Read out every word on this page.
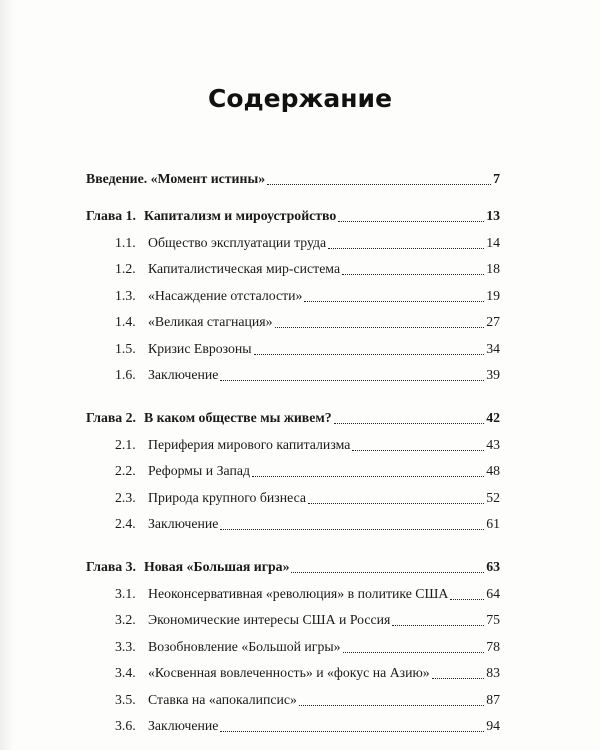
Содержание
Введение. «Момент истины»	7
Глава 1. Капитализм и мироустройство	13
1.1. Общество эксплуатации труда	14
1.2. Капиталистическая мир-система	18
1.3. «Насаждение отсталости»	19
1.4. «Великая стагнация»	27
1.5. Кризис Еврозоны	34
1.6. Заключение	39
Глава 2. В каком обществе мы живем?	42
2.1. Периферия мирового капитализма	43
2.2. Реформы и Запад	48
2.3. Природа крупного бизнеса	52
2.4. Заключение	61
Глава 3. Новая «Большая игра»	63
3.1. Неоконсервативная «революция» в политике США	64
3.2. Экономические интересы США и Россия	75
3.3. Возобновление «Большой игры»	78
3.4. «Косвенная вовлеченность» и «фокус на Азию»	83
3.5. Ставка на «апокалипсис»	87
3.6. Заключение	94
